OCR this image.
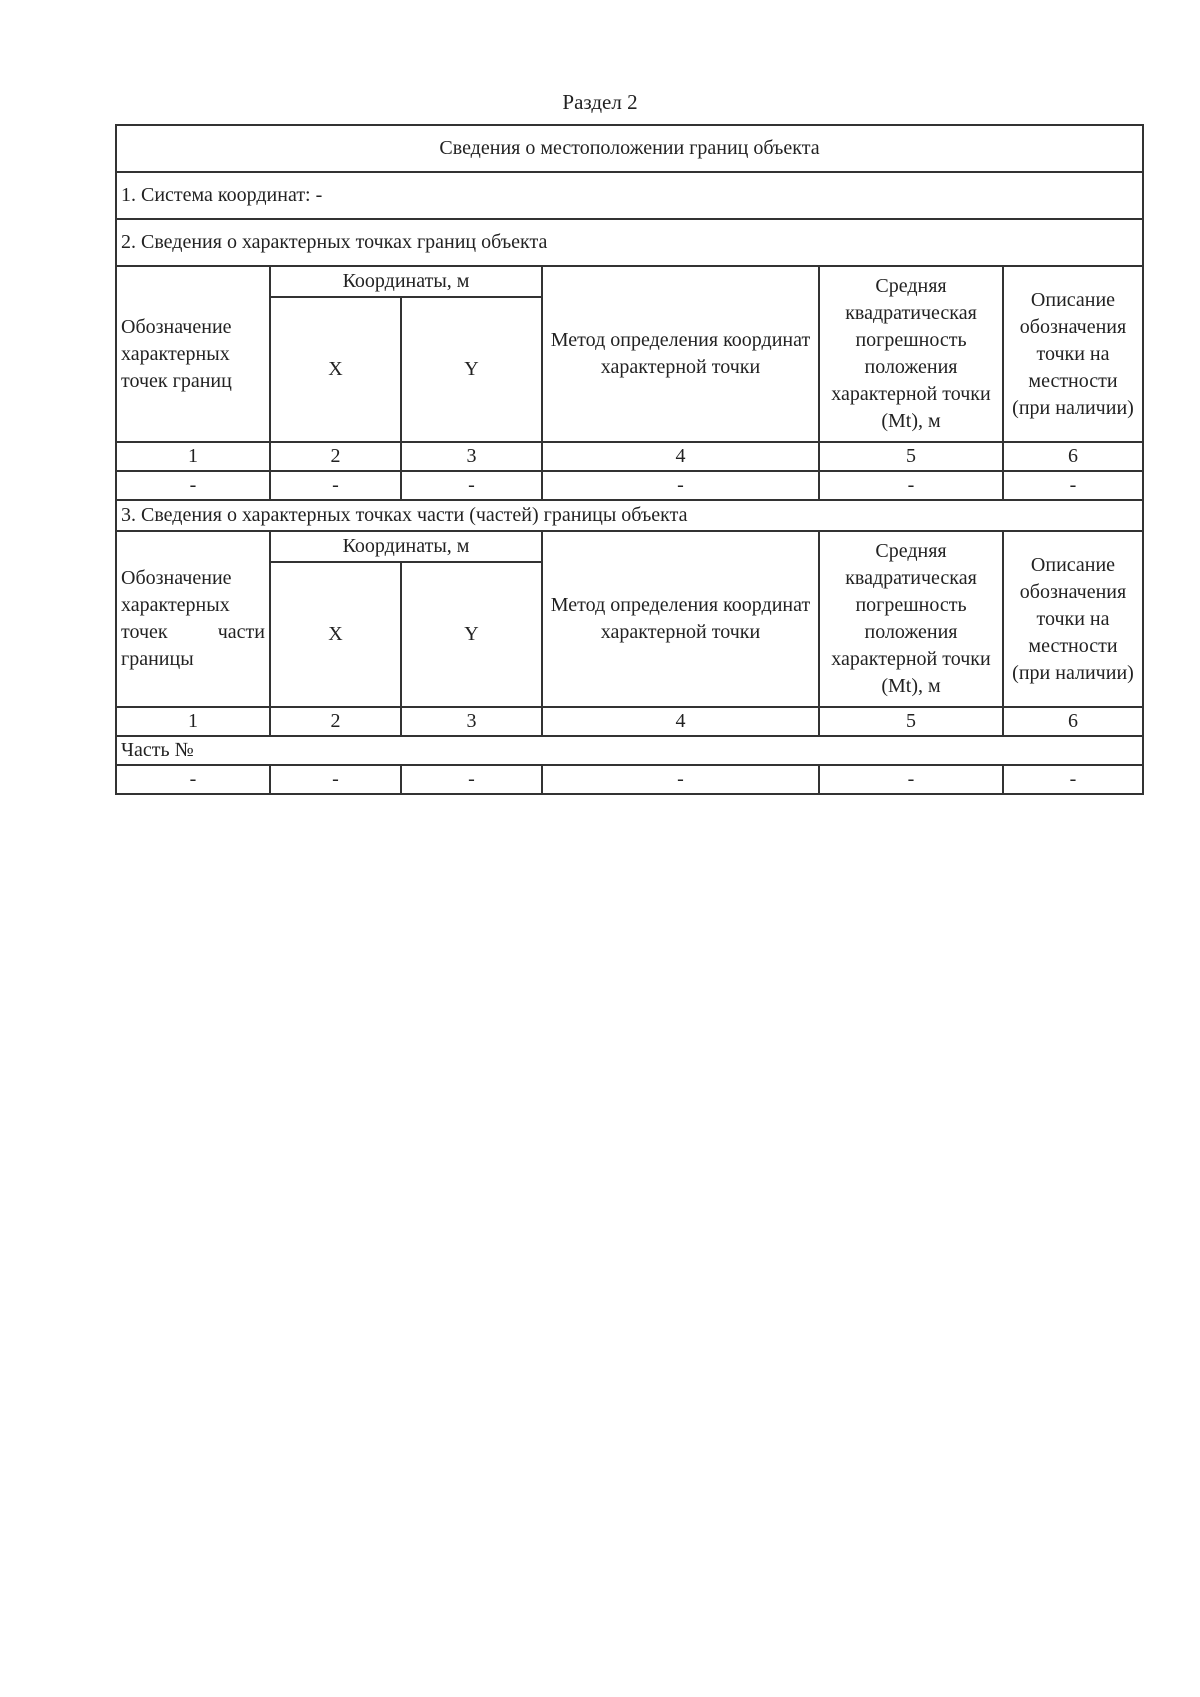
Раздел 2
Сведения о местоположении границ объекта					
1. Система координат: -					
2. Сведения о характерных точках границ объекта					
Обозначение характерных точек границ	Координаты, м		Метод определения координат характерной точки	Средняя квадратическая погрешность положения характерной точки (Mt), м	Описание обозначения точки на местности (при наличии)
	X	Y			
1	2	3	4	5	6
-	-	-	-	-	-
3. Сведения о характерных точках части (частей) границы объекта					
Обозначение характерных точек части границы	Координаты, м		Метод определения координат характерной точки	Средняя квадратическая погрешность положения характерной точки (Mt), м	Описание обозначения точки на местности (при наличии)
	X	Y			
1	2	3	4	5	6
Часть №					
-	-	-	-	-	-
